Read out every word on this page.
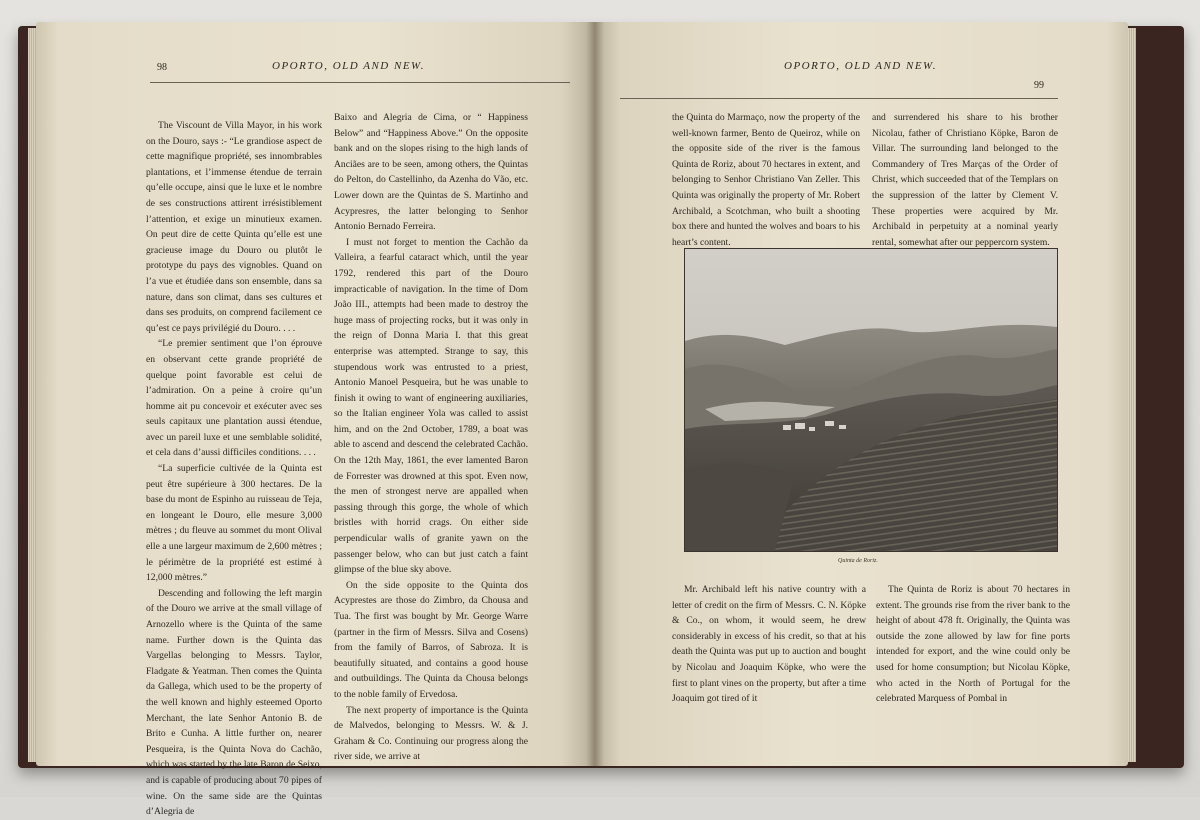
98	OPORTO, OLD AND NEW.

The Viscount de Villa Mayor, in his work on the Douro, says :- “Le grandiose aspect de cette magnifique propriété, ses innombrables plantations, et l’immense étendue de terrain qu’elle occupe, ainsi que le luxe et le nombre de ses constructions attirent irrésistiblement l’attention, et exige un minutieux examen. On peut dire de cette Quinta qu’elle est une gracieuse image du Douro ou plutôt le prototype du pays des vignobles. Quand on l’a vue et étudiée dans son ensemble, dans sa nature, dans son climat, dans ses cultures et dans ses produits, on comprend facilement ce qu’est ce pays privilégié du Douro. . . .

“Le premier sentiment que l’on éprouve en observant cette grande propriété de quelque point favorable est celui de l’admiration. On a peine à croire qu’un homme ait pu concevoir et exécuter avec ses seuls capitaux une plantation aussi étendue, avec un pareil luxe et une semblable solidité, et cela dans d’aussi difficiles conditions. . . .

“La superficie cultivée de la Quinta est peut être supérieure à 300 hectares. De la base du mont de Espinho au ruisseau de Teja, en longeant le Douro, elle mesure 3,000 mètres ; du fleuve au sommet du mont Olival elle a une largeur maximum de 2,600 mètres ; le périmètre de la propriété est estimé à 12,000 mètres.”

Descending and following the left margin of the Douro we arrive at the small village of Arnozello where is the Quinta of the same name. Further down is the Quinta das Vargellas belonging to Messrs. Taylor, Fladgate & Yeatman. Then comes the Quinta da Gallega, which used to be the property of the well known and highly esteemed Oporto Merchant, the late Senhor Antonio B. de Brito e Cunha. A little further on, nearer Pesqueira, is the Quinta Nova do Cachão, which was started by the late Baron de Seixo, and is capable of producing about 70 pipes of wine. On the same side are the Quintas d’Alegria de

Baixo and Alegria de Cima, or “ Happiness Below” and “Happiness Above.” On the opposite bank and on the slopes rising to the high lands of Anciães are to be seen, among others, the Quintas do Pelton, do Castellinho, da Azenha do Vão, etc. Lower down are the Quintas de S. Martinho and Acypresres, the latter belonging to Senhor Antonio Bernado Ferreira.

I must not forget to mention the Cachão da Valleira, a fearful cataract which, until the year 1792, rendered this part of the Douro impracticable of navigation. In the time of Dom João III., attempts had been made to destroy the huge mass of projecting rocks, but it was only in the reign of Donna Maria I. that this great enterprise was attempted. Strange to say, this stupendous work was entrusted to a priest, Antonio Manoel Pesqueira, but he was unable to finish it owing to want of engineering auxiliaries, so the Italian engineer Yola was called to assist him, and on the 2nd October, 1789, a boat was able to ascend and descend the celebrated Cachão. On the 12th May, 1861, the ever lamented Baron de Forrester was drowned at this spot. Even now, the men of strongest nerve are appalled when passing through this gorge, the whole of which bristles with horrid crags. On either side perpendicular walls of granite yawn on the passenger below, who can but just catch a faint glimpse of the blue sky above.

On the side opposite to the Quinta dos Acyprestes are those do Zimbro, da Chousa and Tua. The first was bought by Mr. George Warre (partner in the firm of Messrs. Silva and Cosens) from the family of Barros, of Sabroza. It is beautifully situated, and contains a good house and outbuildings. The Quinta da Chousa belongs to the noble family of Ervedosa.

The next property of importance is the Quinta de Malvedos, belonging to Messrs. W. & J. Graham & Co. Continuing our progress along the river side, we arrive at

OPORTO, OLD AND NEW.
99

the Quinta do Marmaço, now the property of the well-known farmer, Bento de Queiroz, while on the opposite side of the river is the famous Quinta de Roriz, about 70 hectares in extent, and belonging to Senhor Christiano Van Zeller. This Quinta was originally the property of Mr. Robert Archibald, a Scotchman, who built a shooting box there and hunted the wolves and boars to his heart’s content.

and surrendered his share to his brother Nicolau, father of Christiano Köpke, Baron de Villar. The surrounding land belonged to the Commandery of Tres Marças of the Order of Christ, which succeeded that of the Templars on the suppression of the latter by Clement V. These properties were acquired by Mr. Archibald in perpetuity at a nominal yearly rental, somewhat after our peppercorn system.

Quinta de Roriz.

Mr. Archibald left his native country with a letter of credit on the firm of Messrs. C. N. Köpke & Co., on whom, it would seem, he drew considerably in excess of his credit, so that at his death the Quinta was put up to auction and bought by Nicolau and Joaquim Köpke, who were the first to plant vines on the property, but after a time Joaquim got tired of it

The Quinta de Roriz is about 70 hectares in extent. The grounds rise from the river bank to the height of about 478 ft. Originally, the Quinta was outside the zone allowed by law for fine ports intended for export, and the wine could only be used for home consumption; but Nicolau Köpke, who acted in the North of Portugal for the celebrated Marquess of Pombal in
